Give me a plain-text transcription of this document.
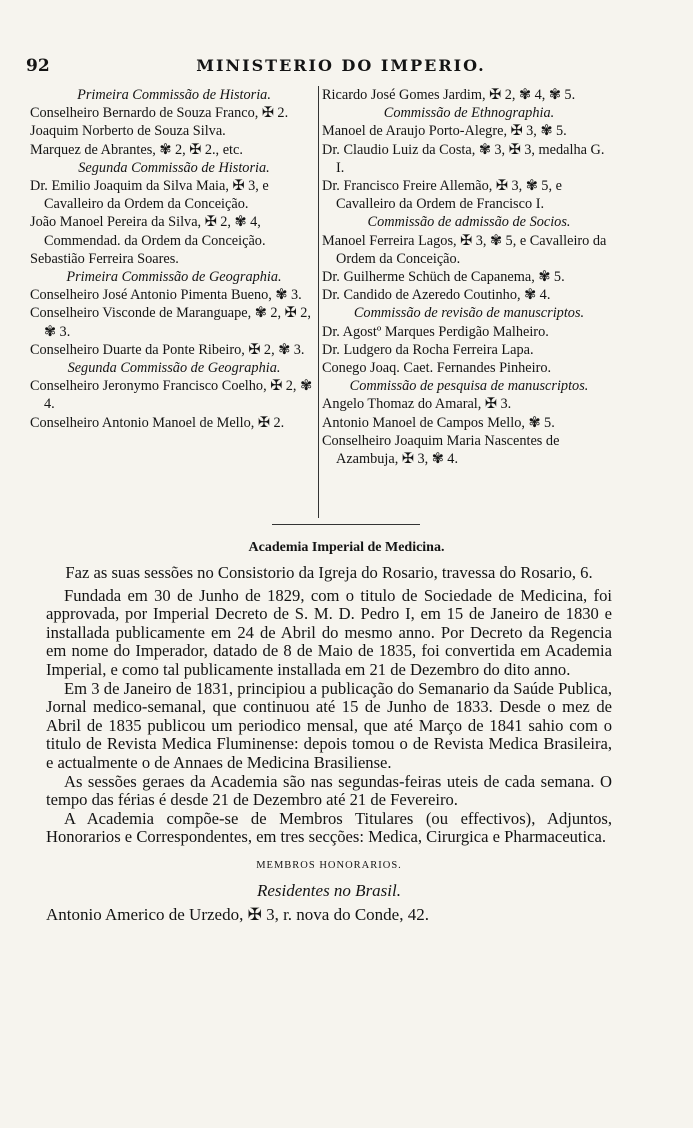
92	MINISTERIO DO IMPERIO.
Primeira Commissão de Historia.
Conselheiro Bernardo de Souza Franco, ✠ 2.
Joaquim Norberto de Souza Silva.
Marquez de Abrantes, ✾ 2, ✠ 2., etc.
Segunda Commissão de Historia.
Dr. Emilio Joaquim da Silva Maia, ✠ 3, e Cavalleiro da Ordem da Conceição.
João Manoel Pereira da Silva, ✠ 2, ✾ 4, Commendad. da Ordem da Conceição.
Sebastião Ferreira Soares.
Primeira Commissão de Geographia.
Conselheiro José Antonio Pimenta Bueno, ✾ 3.
Conselheiro Visconde de Maranguape, ✾ 2, ✠ 2, ✾ 3.
Conselheiro Duarte da Ponte Ribeiro, ✠ 2, ✾ 3.
Segunda Commissão de Geographia.
Conselheiro Jeronymo Francisco Coelho, ✠ 2, ✾ 4.
Conselheiro Antonio Manoel de Mello, ✠ 2.
Ricardo José Gomes Jardim, ✠ 2, ✾ 4, ✾ 5.
Commissão de Ethnographia.
Manoel de Araujo Porto-Alegre, ✠ 3, ✾ 5.
Dr. Claudio Luiz da Costa, ✾ 3, ✠ 3, medalha G. I.
Dr. Francisco Freire Allemão, ✠ 3, ✾ 5, e Cavalleiro da Ordem de Francisco I.
Commissão de admissão de Socios.
Manoel Ferreira Lagos, ✠ 3, ✾ 5, e Cavalleiro da Ordem da Conceição.
Dr. Guilherme Schüch de Capanema, ✾ 5.
Dr. Candido de Azeredo Coutinho, ✾ 4.
Commissão de revisão de manuscriptos.
Dr. Agostº Marques Perdigão Malheiro.
Dr. Ludgero da Rocha Ferreira Lapa.
Conego Joaq. Caet. Fernandes Pinheiro.
Commissão de pesquisa de manuscriptos.
Angelo Thomaz do Amaral, ✠ 3.
Antonio Manoel de Campos Mello, ✾ 5.
Conselheiro Joaquim Maria Nascentes de Azambuja, ✠ 3, ✾ 4.
Academia Imperial de Medicina.

Faz as suas sessões no Consistorio da Igreja do Rosario, travessa do Rosario, 6.

Fundada em 30 de Junho de 1829, com o titulo de Sociedade de Medicina, foi approvada, por Imperial Decreto de S. M. D. Pedro I, em 15 de Janeiro de 1830 e installada publicamente em 24 de Abril do mesmo anno. Por Decreto da Regencia em nome do Imperador, datado de 8 de Maio de 1835, foi convertida em Academia Imperial, e como tal publicamente installada em 21 de Dezembro do dito anno.

Em 3 de Janeiro de 1831, principiou a publicação do Semanario da Saúde Publica, Jornal medico-semanal, que continuou até 15 de Junho de 1833. Desde o mez de Abril de 1835 publicou um periodico mensal, que até Março de 1841 sahio com o titulo de Revista Medica Fluminense: depois tomou o de Revista Medica Brasileira, e actualmente o de Annaes de Medicina Brasiliense.

As sessões geraes da Academia são nas segundas-feiras uteis de cada semana. O tempo das férias é desde 21 de Dezembro até 21 de Fevereiro.

A Academia compõe-se de Membros Titulares (ou effectivos), Adjuntos, Honorarios e Correspondentes, em tres secções: Medica, Cirurgica e Pharmaceutica.

MEMBROS HONORARIOS.
Residentes no Brasil.
Antonio Americo de Urzedo, ✠ 3, r. nova do Conde, 42.
